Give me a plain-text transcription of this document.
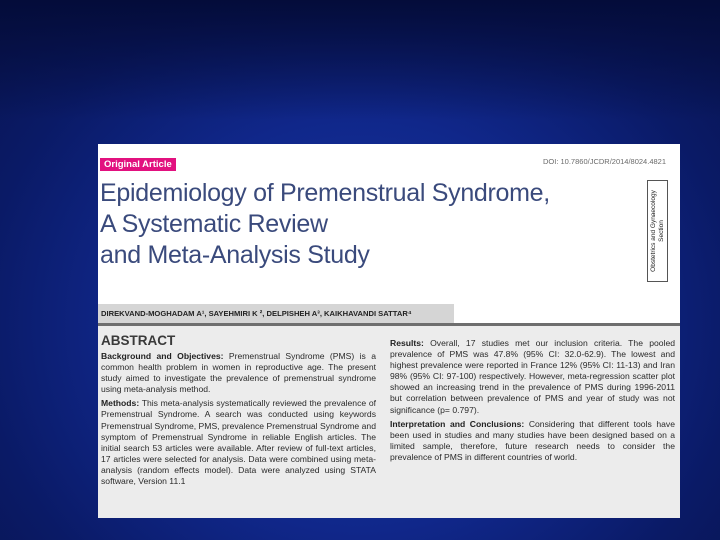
Original Article	DOI: 10.7860/JCDR/2014/8024.4821
Epidemiology of Premenstrual Syndrome,
A Systematic Review
and Meta-Analysis Study	Obstetrics and Gynaecology Section
DIREKVAND-MOGHADAM A¹, SAYEHMIRI K ², DELPISHEH A³, KAIKHAVANDI SATTAR⁴
ABSTRACT

Background and Objectives: Premenstrual Syndrome (PMS) is a common health problem in women in reproductive age. The present study aimed to investigate the prevalence of premenstrual syndrome using meta-analysis method.

Methods: This meta-analysis systematically reviewed the prevalence of Premenstrual Syndrome. A search was conducted using keywords Premenstrual Syndrome, PMS, prevalence Premenstrual Syndrome and symptom of Premenstrual Syndrome in reliable English articles. The initial search 53 articles were available. After review of full-text articles, 17 articles were selected for analysis. Data were combined using meta-analysis (random effects model). Data were analyzed using STATA software, Version 11.1

Results: Overall, 17 studies met our inclusion criteria. The pooled prevalence of PMS was 47.8% (95% CI: 32.0-62.9). The lowest and highest prevalence were reported in France 12% (95% CI: 11-13) and Iran 98% (95% CI: 97-100) respectively. However, meta-regression scatter plot showed an increasing trend in the prevalence of PMS during 1996-2011 but correlation between prevalence of PMS and year of study was not significance (p= 0.797).

Interpretation and Conclusions: Considering that different tools have been used in studies and many studies have been designed based on a limited sample, therefore, future research needs to consider the prevalence of PMS in different countries of world.
